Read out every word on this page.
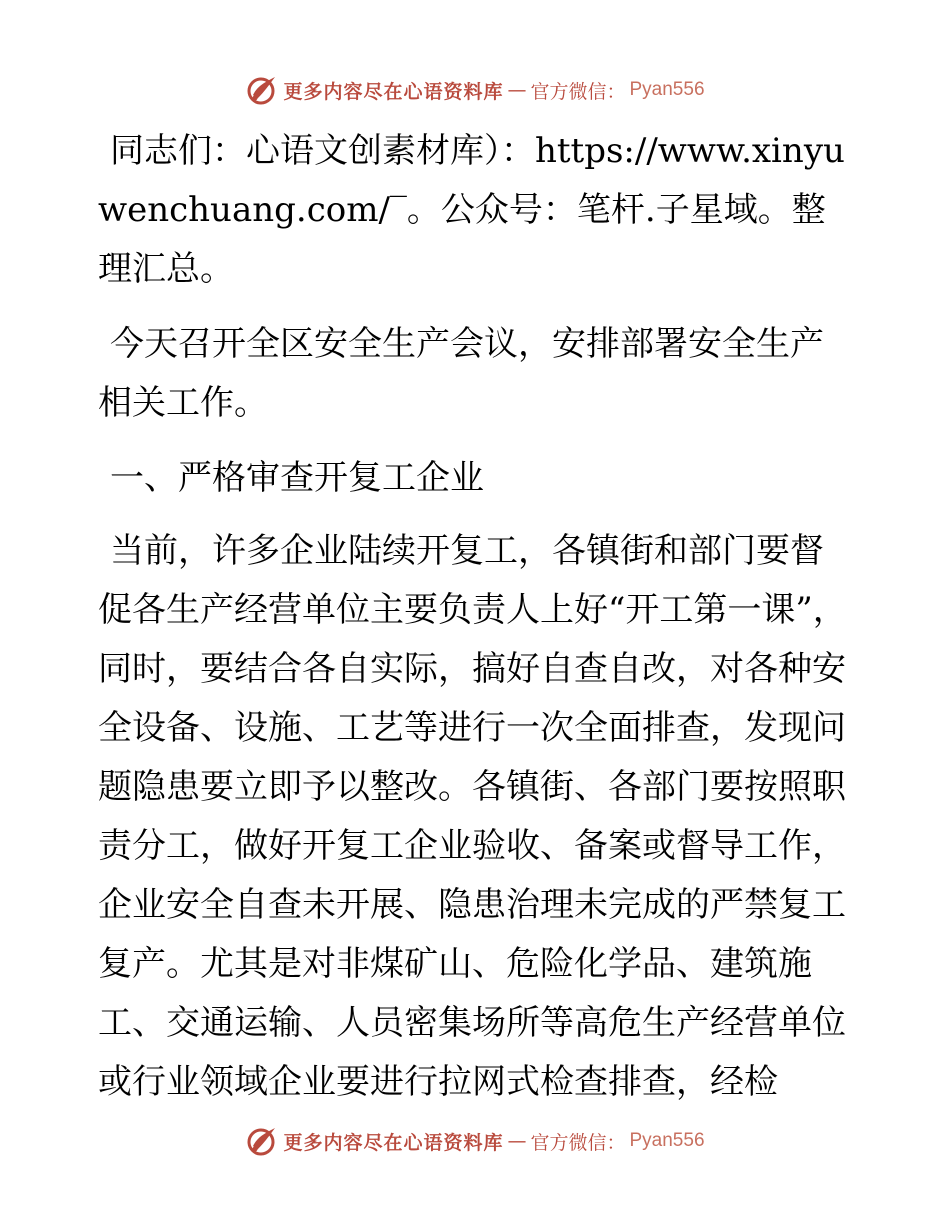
更多内容尽在心语资料库 — 官方微信： Pyan556

同志们：心语文创素材库）：https://www.xinyuwenchuang.com/‾。公众号：笔杆.子星域。整理汇总。

今天召开全区安全生产会议，安排部署安全生产相关工作。

一、严格审查开复工企业

当前，许多企业陆续开复工，各镇街和部门要督促各生产经营单位主要负责人上好“开工第一课”，同时，要结合各自实际，搞好自查自改，对各种安全设备、设施、工艺等进行一次全面排查，发现问题隐患要立即予以整改。各镇街、各部门要按照职责分工，做好开复工企业验收、备案或督导工作，企业安全自查未开展、隐患治理未完成的严禁复工复产。尤其是对非煤矿山、危险化学品、建筑施工、交通运输、人员密集场所等高危生产经营单位或行业领域企业要进行拉网式检查排查，经检

更多内容尽在心语资料库 — 官方微信： Pyan556
